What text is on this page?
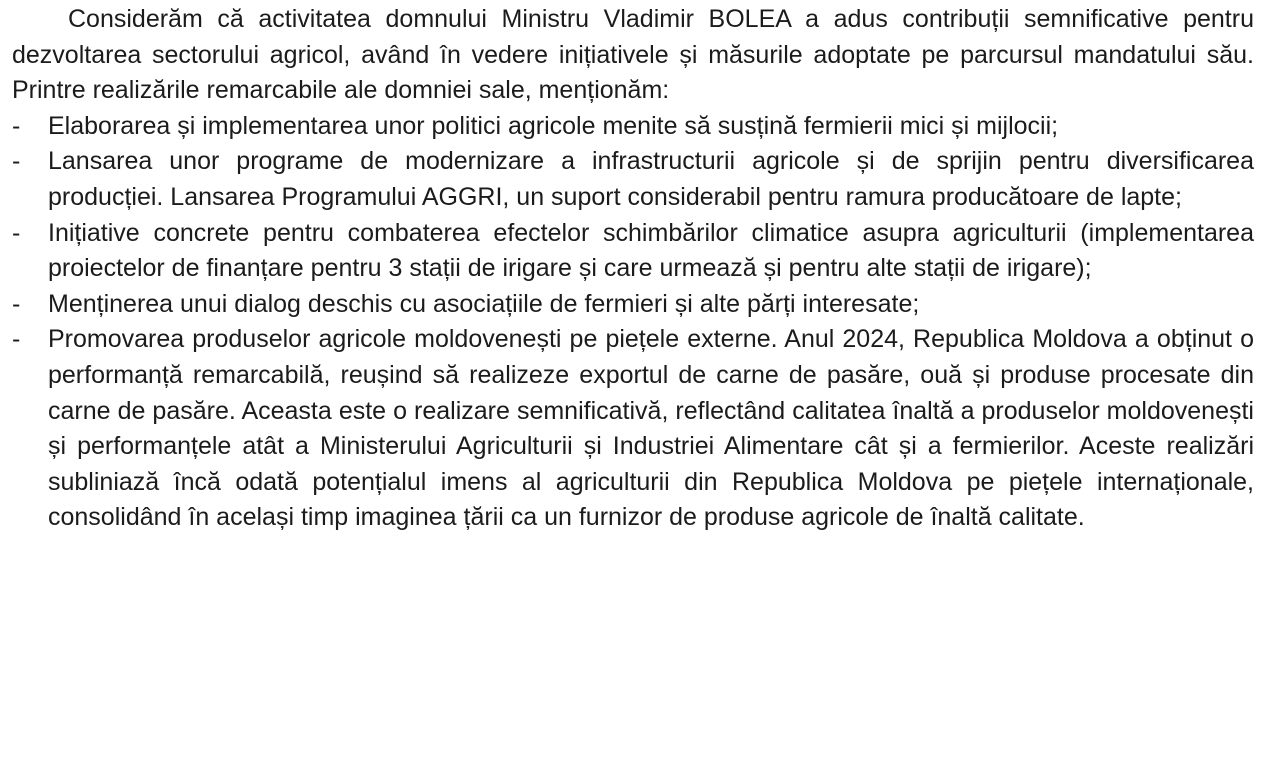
Considerăm că activitatea domnului Ministru Vladimir BOLEA a adus contribuții semnificative pentru dezvoltarea sectorului agricol, având în vedere inițiativele și măsurile adoptate pe parcursul mandatului său. Printre realizările remarcabile ale domniei sale, menționăm:

- Elaborarea și implementarea unor politici agricole menite să susțină fermierii mici și mijlocii;
- Lansarea unor programe de modernizare a infrastructurii agricole și de sprijin pentru diversificarea producției. Lansarea Programului AGGRI, un suport considerabil pentru ramura producătoare de lapte;
- Inițiative concrete pentru combaterea efectelor schimbărilor climatice asupra agriculturii (implementarea proiectelor de finanțare pentru 3 stații de irigare și care urmează și pentru alte stații de irigare);
- Menținerea unui dialog deschis cu asociațiile de fermieri și alte părți interesate;
- Promovarea produselor agricole moldovenești pe piețele externe. Anul 2024, Republica Moldova a obținut o performanță remarcabilă, reușind să realizeze exportul de carne de pasăre, ouă și produse procesate din carne de pasăre. Aceasta este o realizare semnificativă, reflectând calitatea înaltă a produselor moldovenești și performanțele atât a Ministerului Agriculturii și Industriei Alimentare cât și a fermierilor. Aceste realizări subliniază încă odată potențialul imens al agriculturii din Republica Moldova pe piețele internaționale, consolidând în același timp imaginea țării ca un furnizor de produse agricole de înaltă calitate.
